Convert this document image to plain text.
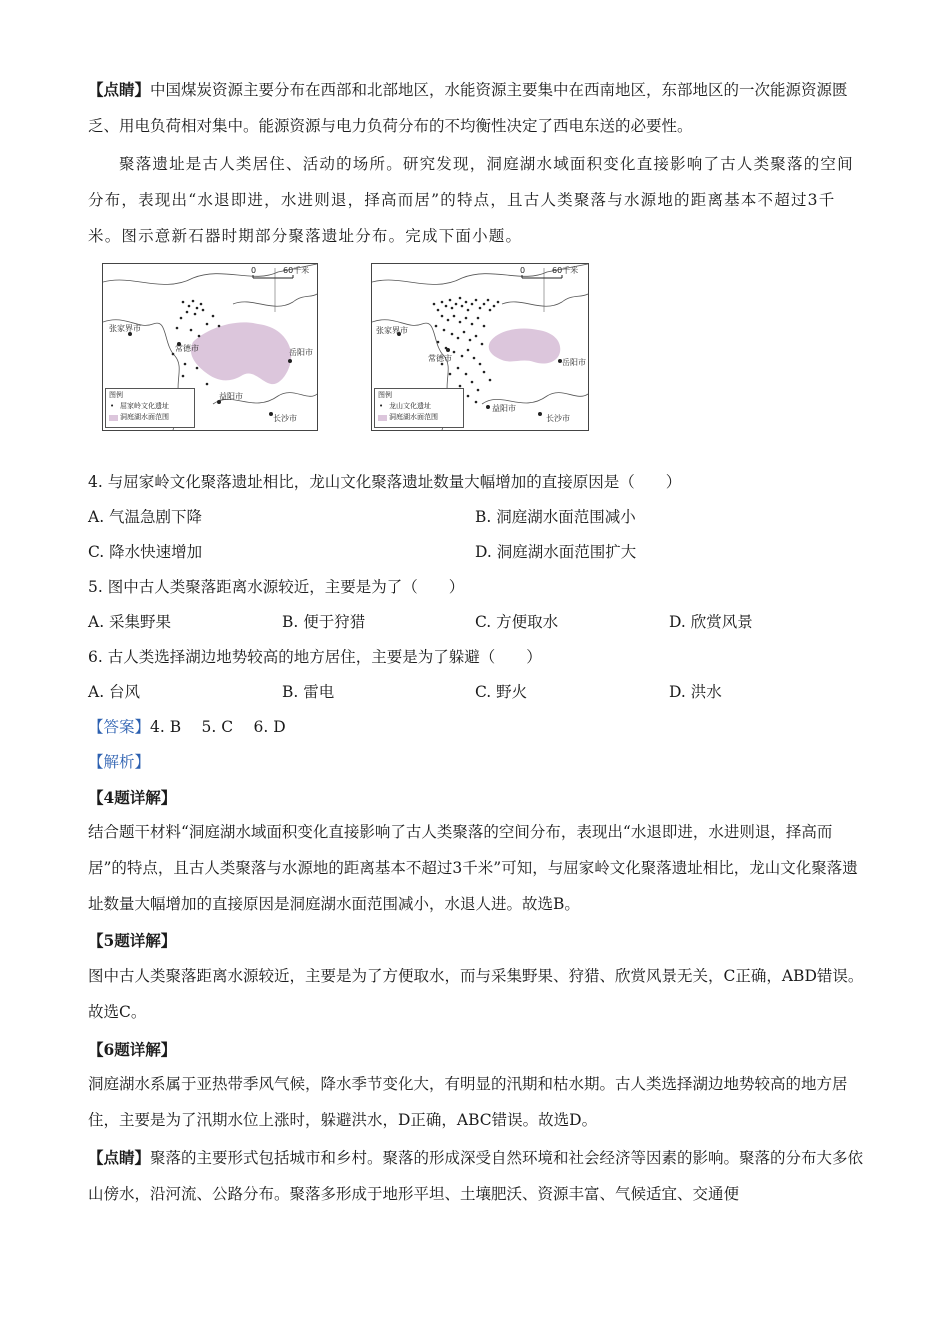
【点睛】中国煤炭资源主要分布在西部和北部地区，水能资源主要集中在西南地区，东部地区的一次能源资源匮乏、用电负荷相对集中。能源资源与电力负荷分布的不均衡性决定了西电东送的必要性。

聚落遗址是古人类居住、活动的场所。研究发现，洞庭湖水域面积变化直接影响了古人类聚落的空间分布，表现出“水退即进，水进则退，择高而居”的特点，且古人类聚落与水源地的距离基本不超过3千米。图示意新石器时期部分聚落遗址分布。完成下面小题。

0	60千米
张家界市
常德市	岳阳市
益阳市
长沙市
图例
• 屈家岭文化遗址
洞庭湖水面范围
0	60千米
张家界市
常德市	岳阳市
益阳市
长沙市
图例
• 龙山文化遗址
洞庭湖水面范围
4. 与屈家岭文化聚落遗址相比，龙山文化聚落遗址数量大幅增加的直接原因是（　　）
A. 气温急剧下降	B. 洞庭湖水面范围减小
C. 降水快速增加	D. 洞庭湖水面范围扩大
5. 图中古人类聚落距离水源较近，主要是为了（　　）
A. 采集野果	B. 便于狩猎	C. 方便取水	D. 欣赏风景
6. 古人类选择湖边地势较高的地方居住，主要是为了躲避（　　）
A. 台风	B. 雷电	C. 野火	D. 洪水
【答案】4. B　 5. C　 6. D
【解析】
【4题详解】

结合题干材料“洞庭湖水域面积变化直接影响了古人类聚落的空间分布，表现出“水退即进，水进则退，择高而居”的特点，且古人类聚落与水源地的距离基本不超过3千米”可知，与屈家岭文化聚落遗址相比，龙山文化聚落遗址数量大幅增加的直接原因是洞庭湖水面范围减小，水退人进。故选B。

【5题详解】

图中古人类聚落距离水源较近，主要是为了方便取水，而与采集野果、狩猎、欣赏风景无关，C正确，ABD错误。故选C。

【6题详解】

洞庭湖水系属于亚热带季风气候，降水季节变化大，有明显的汛期和枯水期。古人类选择湖边地势较高的地方居住，主要是为了汛期水位上涨时，躲避洪水，D正确，ABC错误。故选D。

【点睛】聚落的主要形式包括城市和乡村。聚落的形成深受自然环境和社会经济等因素的影响。聚落的分布大多依山傍水，沿河流、公路分布。聚落多形成于地形平坦、土壤肥沃、资源丰富、气候适宜、交通便
